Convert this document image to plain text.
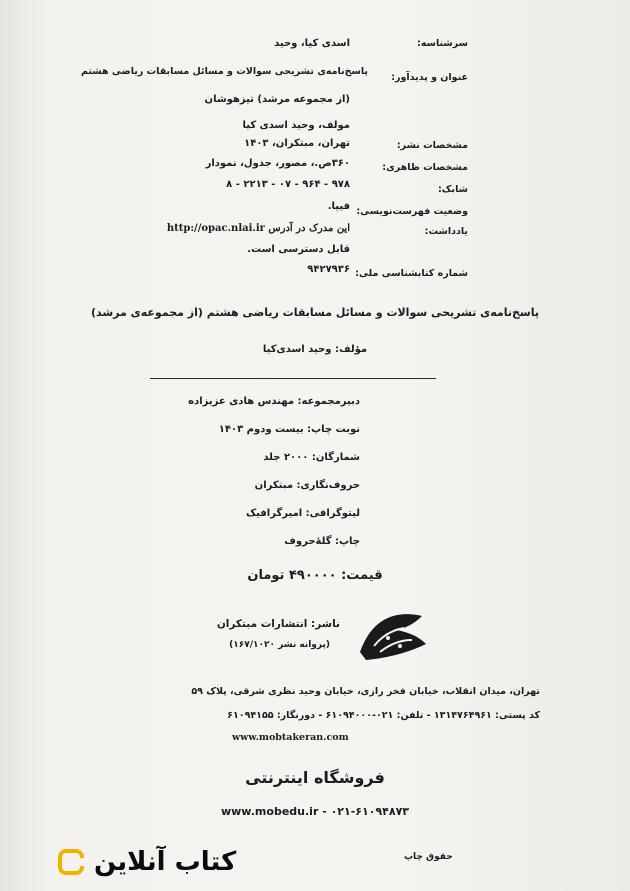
سرشناسه:
اسدی کیا، وحید
عنوان و پدیدآور:
پاسخ‌نامه‌ی تشریحی سوالات و مسائل مسابقات ریاضی هشتم
(از مجموعه مرشد) تیزهوشان
مولف، وحید اسدی کیا
مشخصات نشر:
تهران، مبتکران، ۱۴۰۳
مشخصات ظاهری:
۳۶۰ص.، مصور، جدول، نمودار
شابک:
۹۷۸ - ۹۶۴ - ۰۷ - ۲۲۱۳ - ۸
وضعیت فهرست‌نویسی:
فیپا.
یادداشت:
این مدرک در آدرس http://opac.nlai.ir
قابل دسترسی است.
شماره کتابشناسی ملی:
۹۴۲۷۹۳۶
پاسخ‌نامه‌ی تشریحی سوالات و مسائل مسابقات ریاضی هشتم (از مجموعه‌ی مرشد)
مؤلف: وحید اسدی‌کیا
دبیرمجموعه: مهندس هادی عزیزاده
نوبت چاپ: بیست ودوم ۱۴۰۳
شمارگان: ۲۰۰۰ جلد
حروف‌نگاری: مبتکران
لیتوگرافی: امیرگرافیک
چاپ: گلهٔ‌حروف
قیمت: ۴۹۰۰۰۰ تومان
ناشر: انتشارات مبتکران
(پروانه نشر ۱۶۷/۱۰۲۰)
تهران، میدان انقلاب، خیابان فخر رازی، خیابان وحید نظری شرقی، پلاک ۵۹
کد پستی: ۱۳۱۴۷۶۴۹۶۱ - تلفن: ۰۲۱-۶۱۰۹۴۰۰۰ - دورنگار: ۶۱۰۹۴۱۵۵
www.mobtakeran.com
فروشگاه اینترنتی
www.mobedu.ir - ۰۲۱-۶۱۰۹۴۸۷۳
حقوق چاپ
کتاب آنلاین
